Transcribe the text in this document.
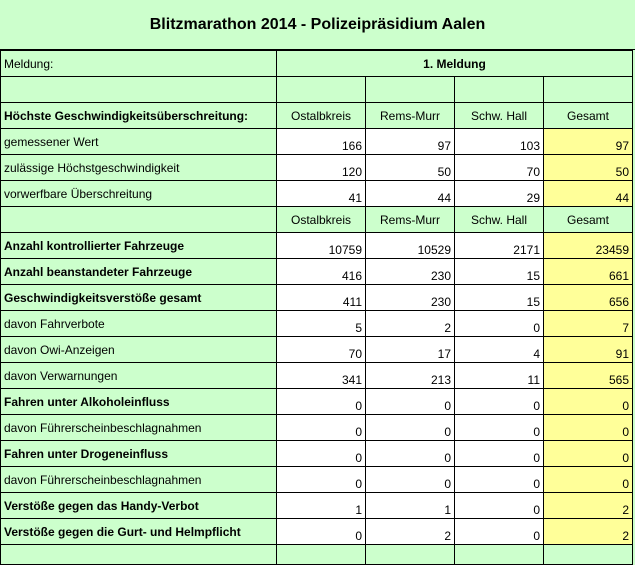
Blitzmarathon 2014 - Polizeipräsidium Aalen
Meldung:	1. Meldung			

Höchste Geschwindigkeitsüberschreitung:	Ostalbkreis	Rems-Murr	Schw. Hall	Gesamt
gemessener Wert	166	97	103	97
zulässige Höchstgeschwindigkeit	120	50	70	50
vorwerfbare Überschreitung	41	44	29	44
	Ostalbkreis	Rems-Murr	Schw. Hall	Gesamt
Anzahl kontrollierter Fahrzeuge	10759	10529	2171	23459
Anzahl beanstandeter Fahrzeuge	416	230	15	661
Geschwindigkeitsverstöße gesamt	411	230	15	656
davon Fahrverbote	5	2	0	7
davon Owi-Anzeigen	70	17	4	91
davon Verwarnungen	341	213	11	565
Fahren unter Alkoholeinfluss	0	0	0	0
davon Führerscheinbeschlagnahmen	0	0	0	0
Fahren unter Drogeneinfluss	0	0	0	0
davon Führerscheinbeschlagnahmen	0	0	0	0
Verstöße gegen das Handy-Verbot	1	1	0	2
Verstöße gegen die Gurt- und Helmpflicht	0	2	0	2
